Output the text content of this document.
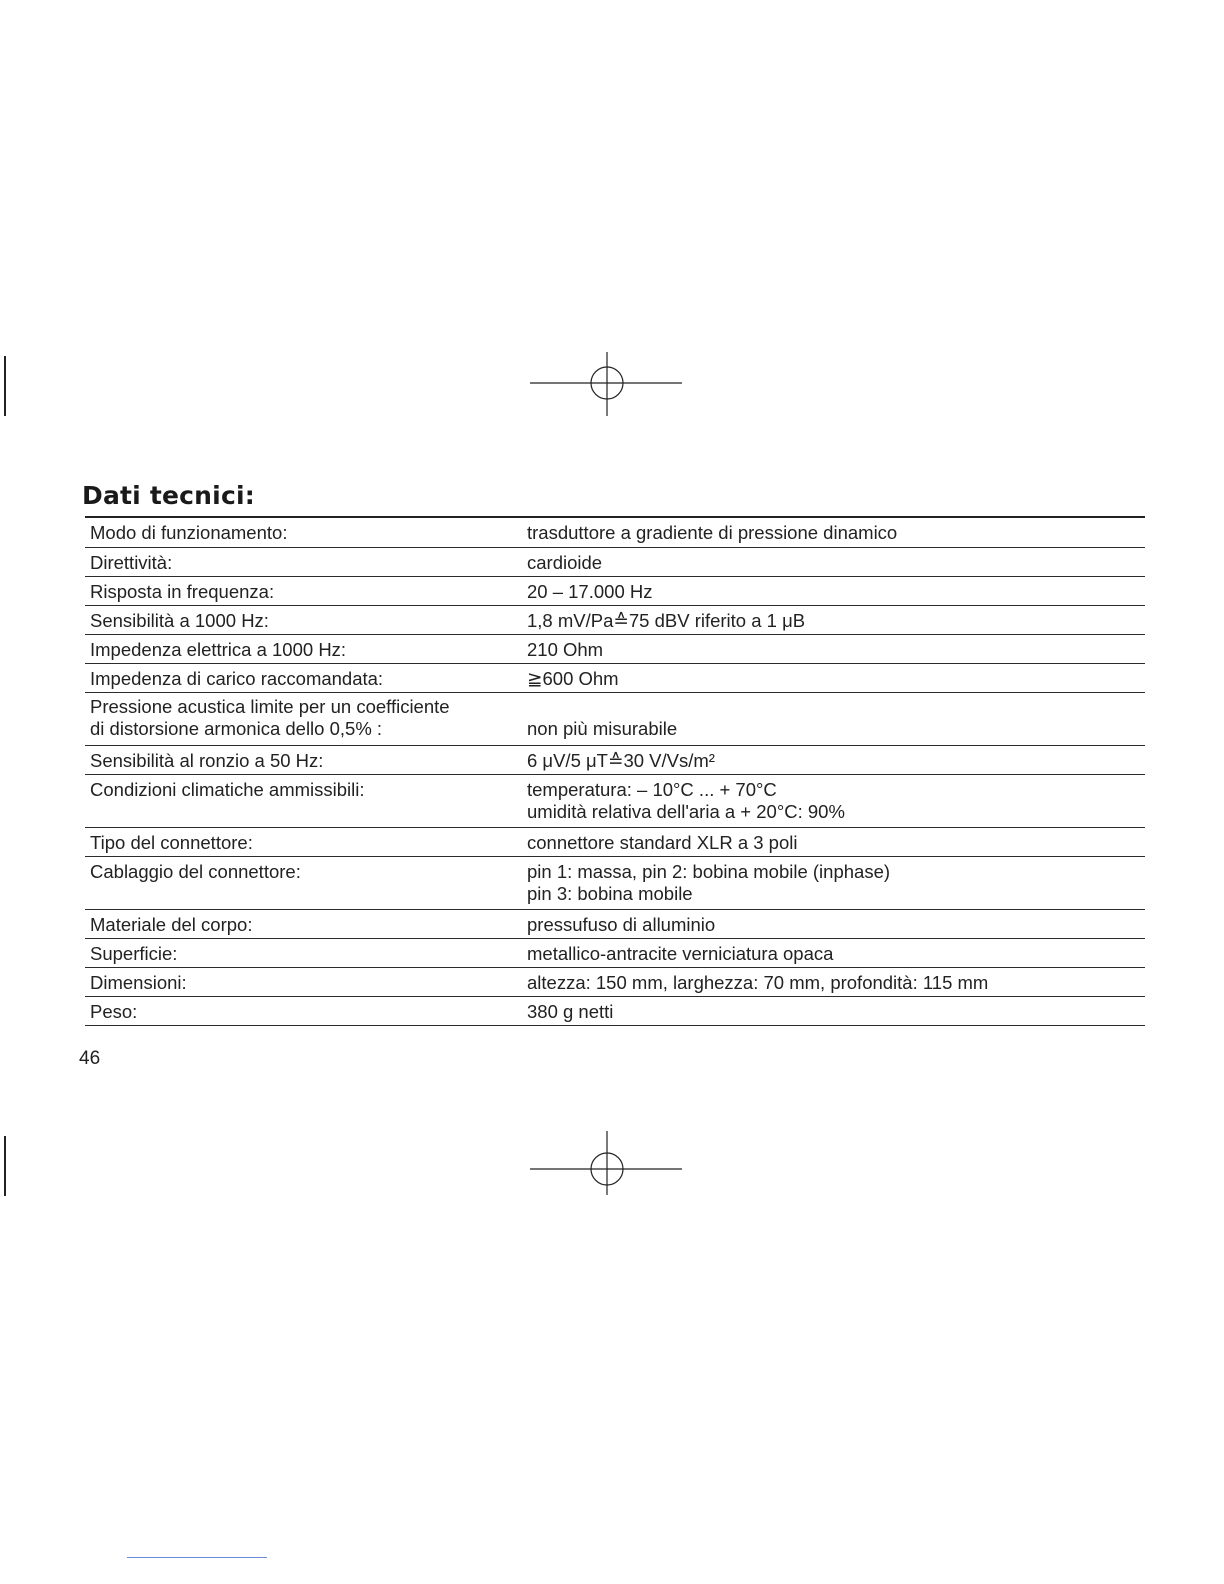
Dati tecnici:
Modo di funzionamento:	trasduttore a gradiente di pressione dinamico
Direttività:	cardioide
Risposta in frequenza:	20 – 17.000 Hz
Sensibilità a 1000 Hz:	1,8 mV/Pa≙75 dBV riferito a 1 μB
Impedenza elettrica a 1000 Hz:	210 Ohm
Impedenza di carico raccomandata:	≧600 Ohm
Pressione acustica limite per un coefficiente
di distorsione armonica dello 0,5% :	non più misurabile
Sensibilità al ronzio a 50 Hz:	6 μV/5 μT≙30 V/Vs/m²
Condizioni climatiche ammissibili:	temperatura: – 10°C ... + 70°C
umidità relativa dell'aria a + 20°C: 90%
Tipo del connettore:	connettore standard XLR a 3 poli
Cablaggio del connettore:	pin 1: massa, pin 2: bobina mobile (inphase)
pin 3: bobina mobile
Materiale del corpo:	pressufuso di alluminio
Superficie:	metallico-antracite verniciatura opaca
Dimensioni:	altezza: 150 mm, larghezza: 70 mm, profondità: 115 mm
Peso:	380 g netti
46
